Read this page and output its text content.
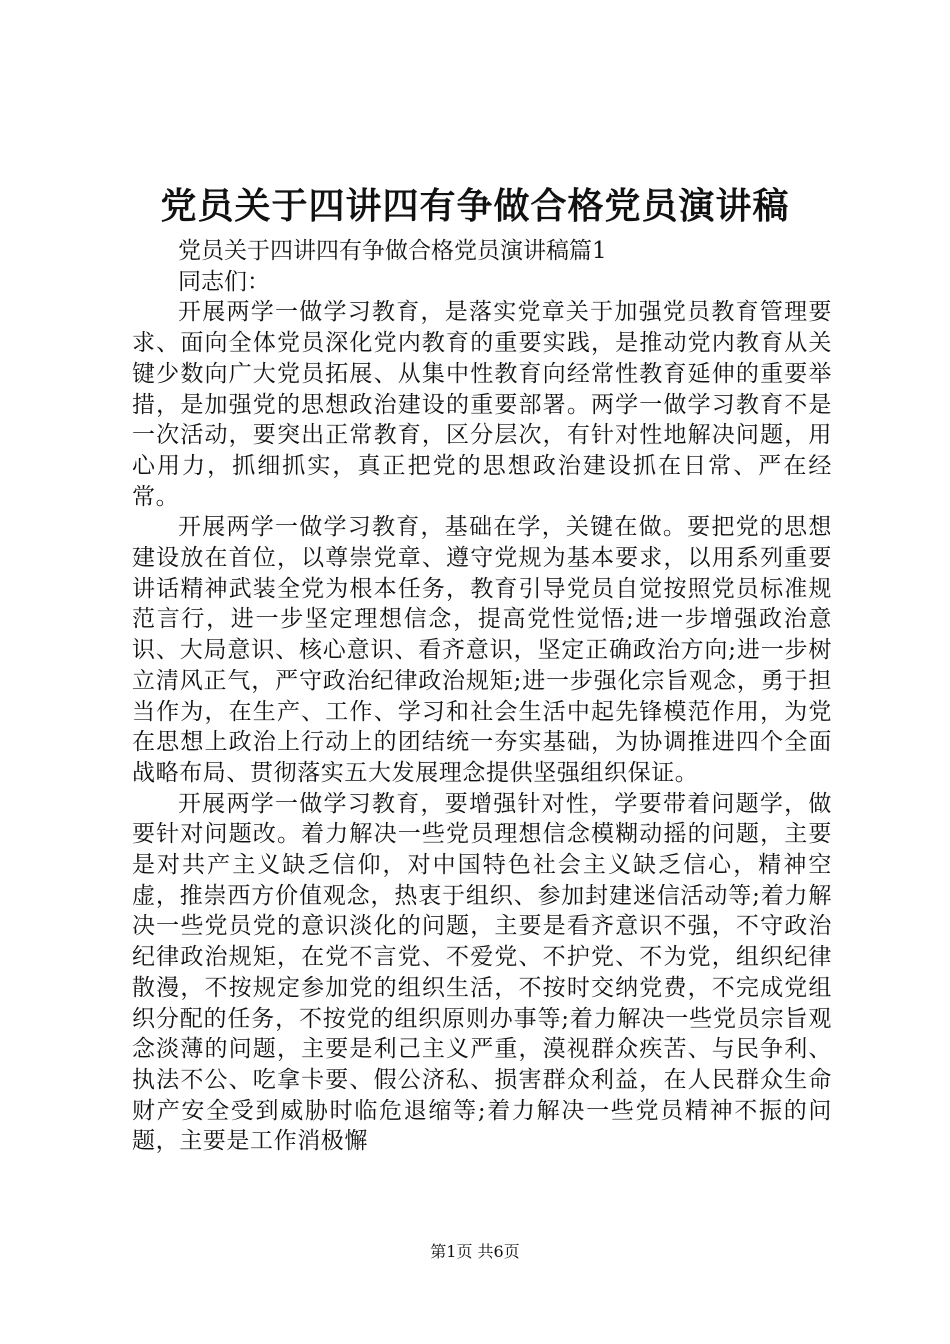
党员关于四讲四有争做合格党员演讲稿

党员关于四讲四有争做合格党员演讲稿篇1

同志们：

开展两学一做学习教育，是落实党章关于加强党员教育管理要求、面向全体党员深化党内教育的重要实践，是推动党内教育从关键少数向广大党员拓展、从集中性教育向经常性教育延伸的重要举措，是加强党的思想政治建设的重要部署。两学一做学习教育不是一次活动，要突出正常教育，区分层次，有针对性地解决问题，用心用力，抓细抓实，真正把党的思想政治建设抓在日常、严在经常。

开展两学一做学习教育，基础在学，关键在做。要把党的思想建设放在首位，以尊崇党章、遵守党规为基本要求，以用系列重要讲话精神武装全党为根本任务，教育引导党员自觉按照党员标准规范言行，进一步坚定理想信念，提高党性觉悟;进一步增强政治意识、大局意识、核心意识、看齐意识，坚定正确政治方向;进一步树立清风正气，严守政治纪律政治规矩;进一步强化宗旨观念，勇于担当作为，在生产、工作、学习和社会生活中起先锋模范作用，为党在思想上政治上行动上的团结统一夯实基础，为协调推进四个全面战略布局、贯彻落实五大发展理念提供坚强组织保证。

开展两学一做学习教育，要增强针对性，学要带着问题学，做要针对问题改。着力解决一些党员理想信念模糊动摇的问题，主要是对共产主义缺乏信仰，对中国特色社会主义缺乏信心，精神空虚，推崇西方价值观念，热衷于组织、参加封建迷信活动等;着力解决一些党员党的意识淡化的问题，主要是看齐意识不强，不守政治纪律政治规矩，在党不言党、不爱党、不护党、不为党，组织纪律散漫，不按规定参加党的组织生活，不按时交纳党费，不完成党组织分配的任务，不按党的组织原则办事等;着力解决一些党员宗旨观念淡薄的问题，主要是利己主义严重，漠视群众疾苦、与民争利、执法不公、吃拿卡要、假公济私、损害群众利益，在人民群众生命财产安全受到威胁时临危退缩等;着力解决一些党员精神不振的问题，主要是工作消极懈

第1页 共6页
